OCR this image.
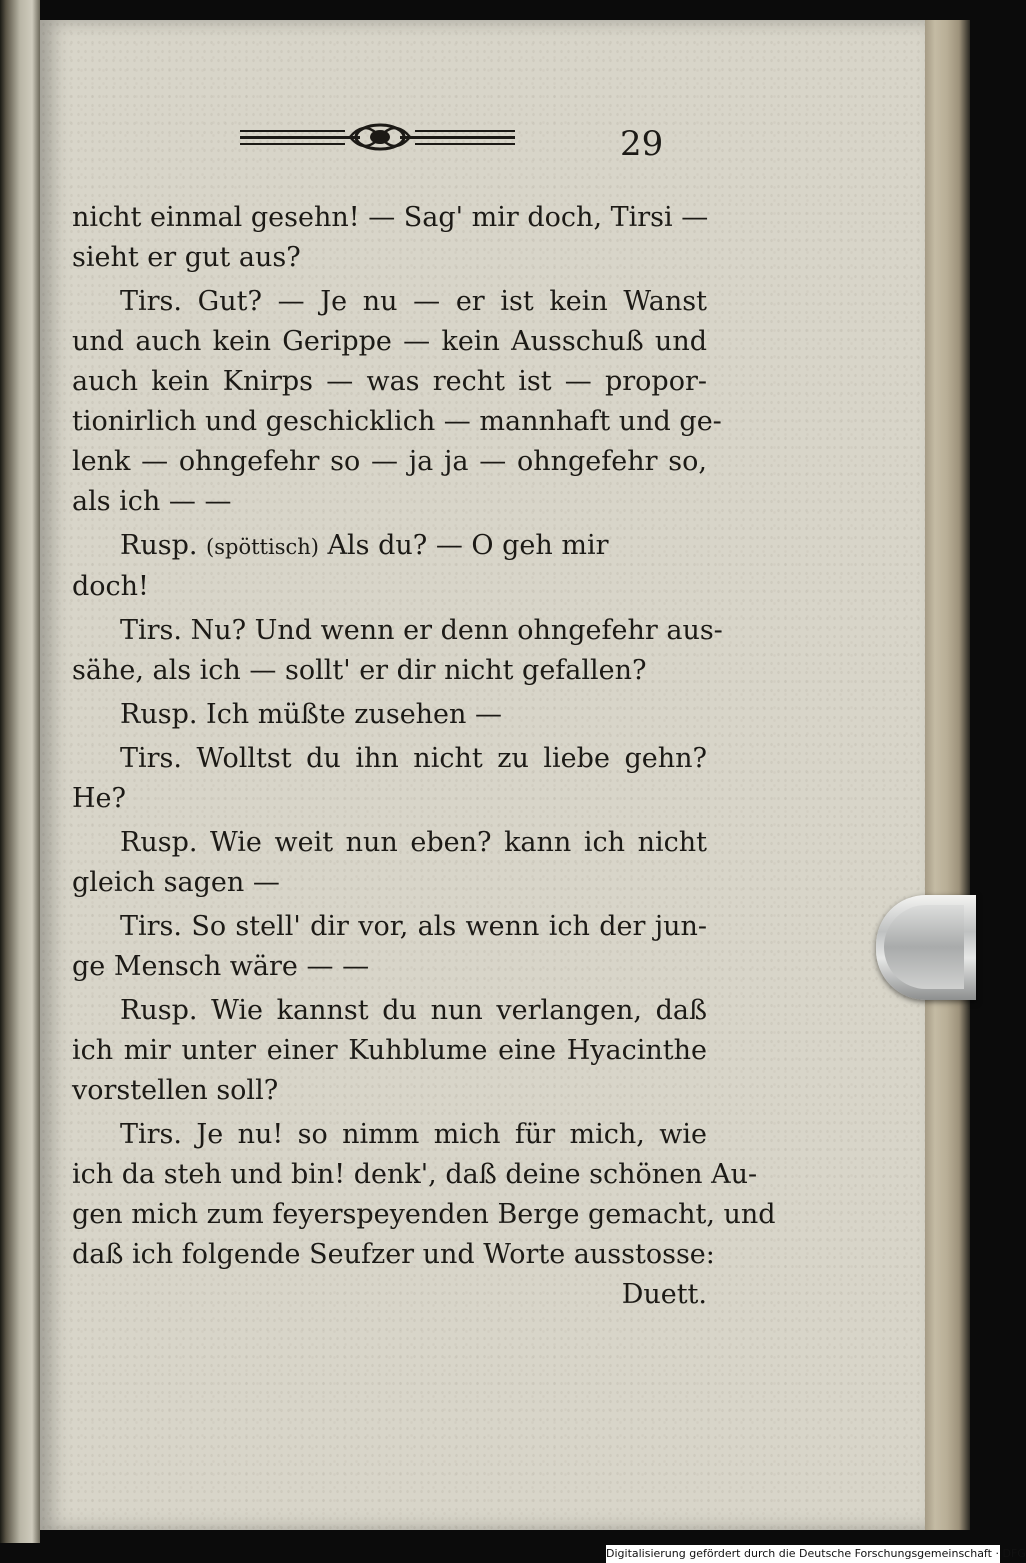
29
nicht einmal gesehn! — Sag' mir doch, Tirsi —
sieht er gut aus?
Tirs. Gut? — Je nu — er ist kein Wanst
und auch kein Gerippe — kein Ausschuß und
auch kein Knirps — was recht ist — propor-
tionirlich und geschicklich — mannhaft und ge-
lenk — ohngefehr so — ja ja — ohngefehr so,
als ich — —
Rusp. (spöttisch) Als du? — O geh mir
doch!
Tirs. Nu? Und wenn er denn ohngefehr aus-
sähe, als ich — sollt' er dir nicht gefallen?
Rusp. Ich müßte zusehen —
Tirs. Wolltst du ihn nicht zu liebe gehn?
He?
Rusp. Wie weit nun eben? kann ich nicht
gleich sagen —
Tirs. So stell' dir vor, als wenn ich der jun-
ge Mensch wäre — —
Rusp. Wie kannst du nun verlangen, daß
ich mir unter einer Kuhblume eine Hyacinthe
vorstellen soll?
Tirs. Je nu! so nimm mich für mich, wie
ich da steh und bin! denk', daß deine schönen Au-
gen mich zum feyerspeyenden Berge gemacht, und
daß ich folgende Seufzer und Worte ausstosse:
Duett.
Digitalisierung gefördert durch die Deutsche Forschungsgemeinschaft · DFG
